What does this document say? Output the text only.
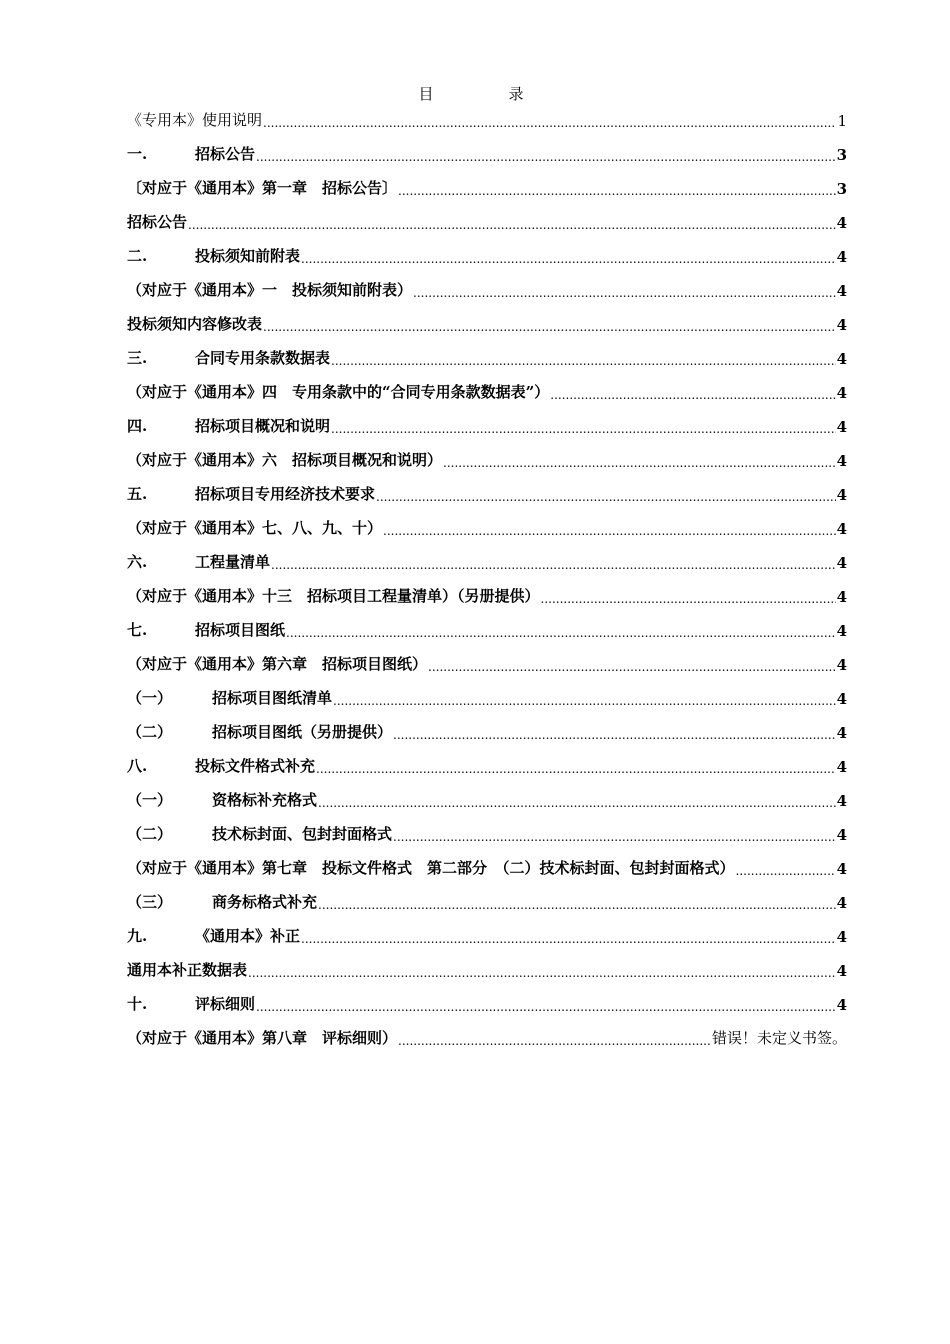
目　录
《专用本》使用说明 .....	1
一.	招标公告 .....	3
〔对应于《通用本》第一章　招标公告〕 .....	3
招标公告 .....	4
二.	投标须知前附表 .....	4
（对应于《通用本》一　投标须知前附表） .....	4
投标须知内容修改表 .....	4
三.	合同专用条款数据表 .....	4
（对应于《通用本》四　专用条款中的“合同专用条款数据表”） .....	4
四.	招标项目概况和说明 .....	4
（对应于《通用本》六　招标项目概况和说明） .....	4
五.	招标项目专用经济技术要求 .....	4
（对应于《通用本》七、八、九、十） .....	4
六.	工程量清单 .....	4
（对应于《通用本》十三　招标项目工程量清单）（另册提供） .....	4
七.	招标项目图纸 .....	4
（对应于《通用本》第六章　招标项目图纸） .....	4
（一）	招标项目图纸清单 .....	4
（二）	招标项目图纸（另册提供） .....	4
八.	投标文件格式补充 .....	4
（一）	资格标补充格式 .....	4
（二）	技术标封面、包封封面格式 .....	4
（对应于《通用本》第七章　投标文件格式　第二部分　（二）技术标封面、包封封面格式） .....	4
（三）	商务标格式补充 .....	4
九.	《通用本》补正 .....	4
通用本补正数据表 .....	4
十.	评标细则 .....	4
（对应于《通用本》第八章　评标细则） .....	错误！未定义书签。
